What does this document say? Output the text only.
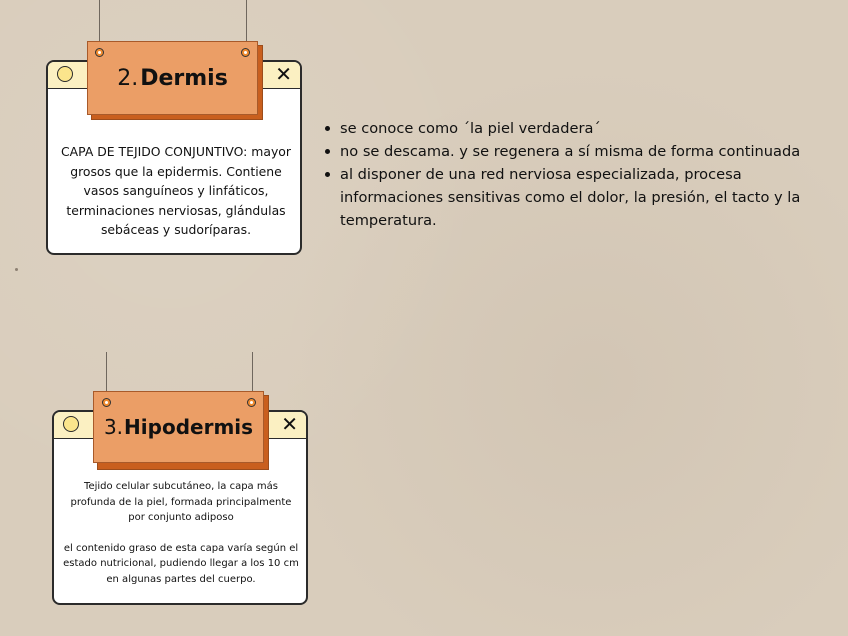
✕
CAPA DE TEJIDO CONJUNTIVO: mayor grosos que la epidermis. Contiene vasos sanguíneos y linfáticos, terminaciones nerviosas, glándulas sebáceas y sudoríparas.
2. Dermis
se conoce como ´la piel verdadera´
no se descama. y se regenera a sí misma de forma continuada
al disponer de una red nerviosa especializada, procesa informaciones sensitivas como el dolor, la presión, el tacto y la temperatura.
✕
Tejido celular subcutáneo, la capa más profunda de la piel, formada principalmente por conjunto adiposo
el contenido graso de esta capa varía según el estado nutricional, pudiendo llegar a los 10 cm en algunas partes del cuerpo.
3. Hipodermis
